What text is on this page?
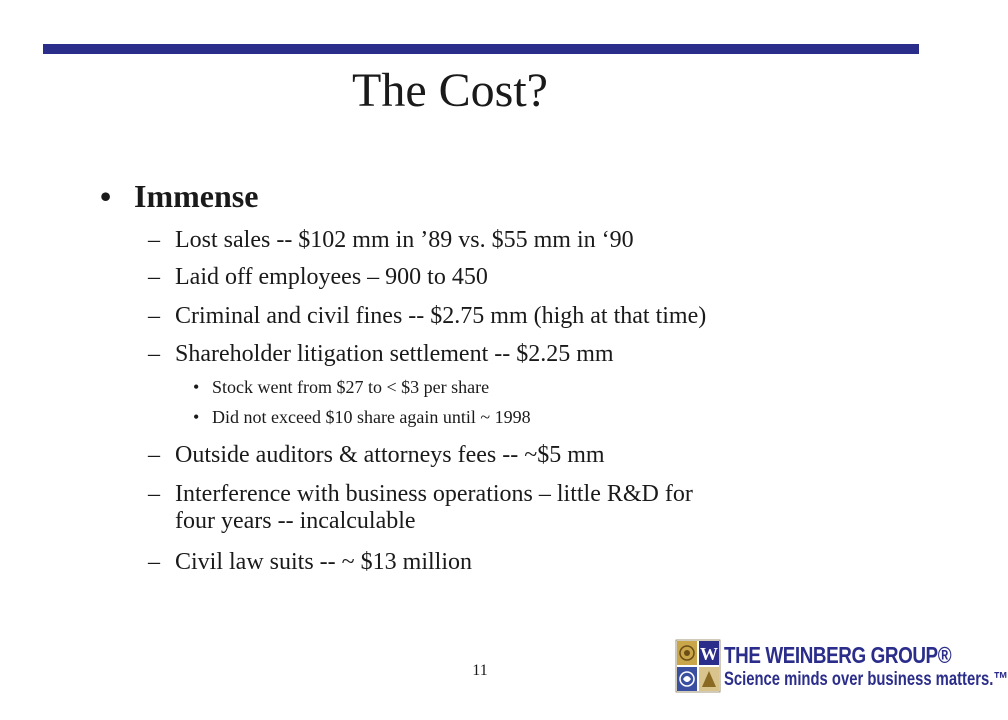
The Cost?
• Immense
– Lost sales -- $102 mm in ’89 vs. $55 mm in ‘90
– Laid off employees – 900 to 450
– Criminal and civil fines -- $2.75 mm (high at that time)
– Shareholder litigation settlement -- $2.25 mm
• Stock went from $27 to < $3 per share
• Did not exceed $10 share again until ~ 1998
– Outside auditors & attorneys fees -- ~$5 mm
– Interference with business operations – little R&D for
four years -- incalculable
– Civil law suits -- ~ $13 million
11
W THE WEINBERG GROUP®
Science minds over business matters.™
